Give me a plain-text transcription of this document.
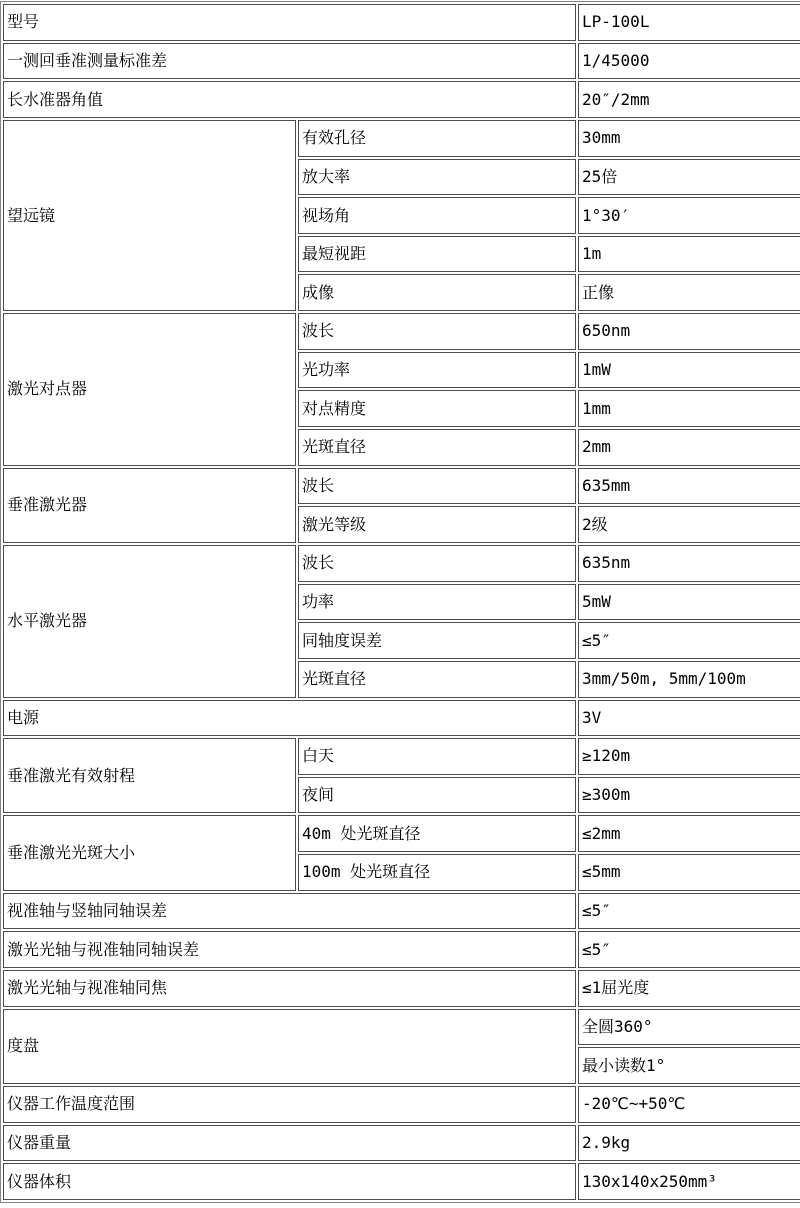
型号		LP-100L
一测回垂准测量标准差		1/45000
长水准器角值		20″/2mm
望远镜	有效孔径	30mm
	放大率	25倍
	视场角	1°30′
	最短视距	1m
	成像	正像
激光对点器	波长	650nm
	光功率	1mW
	对点精度	1mm
	光斑直径	2mm
垂准激光器	波长	635mm
	激光等级	2级
水平激光器	波长	635nm
	功率	5mW
	同轴度误差	≤5″
	光斑直径	3mm/50m, 5mm/100m
电源		3V
垂准激光有效射程	白天	≥120m
	夜间	≥300m
垂准激光光斑大小	40m 处光斑直径	≤2mm
	100m 处光斑直径	≤5mm
视准轴与竖轴同轴误差		≤5″
激光光轴与视准轴同轴误差		≤5″
激光光轴与视准轴同焦		≤1屈光度
度盘		全圆360°
		最小读数1°
仪器工作温度范围		-20℃~+50℃
仪器重量		2.9kg
仪器体积		130x140x250mm³
